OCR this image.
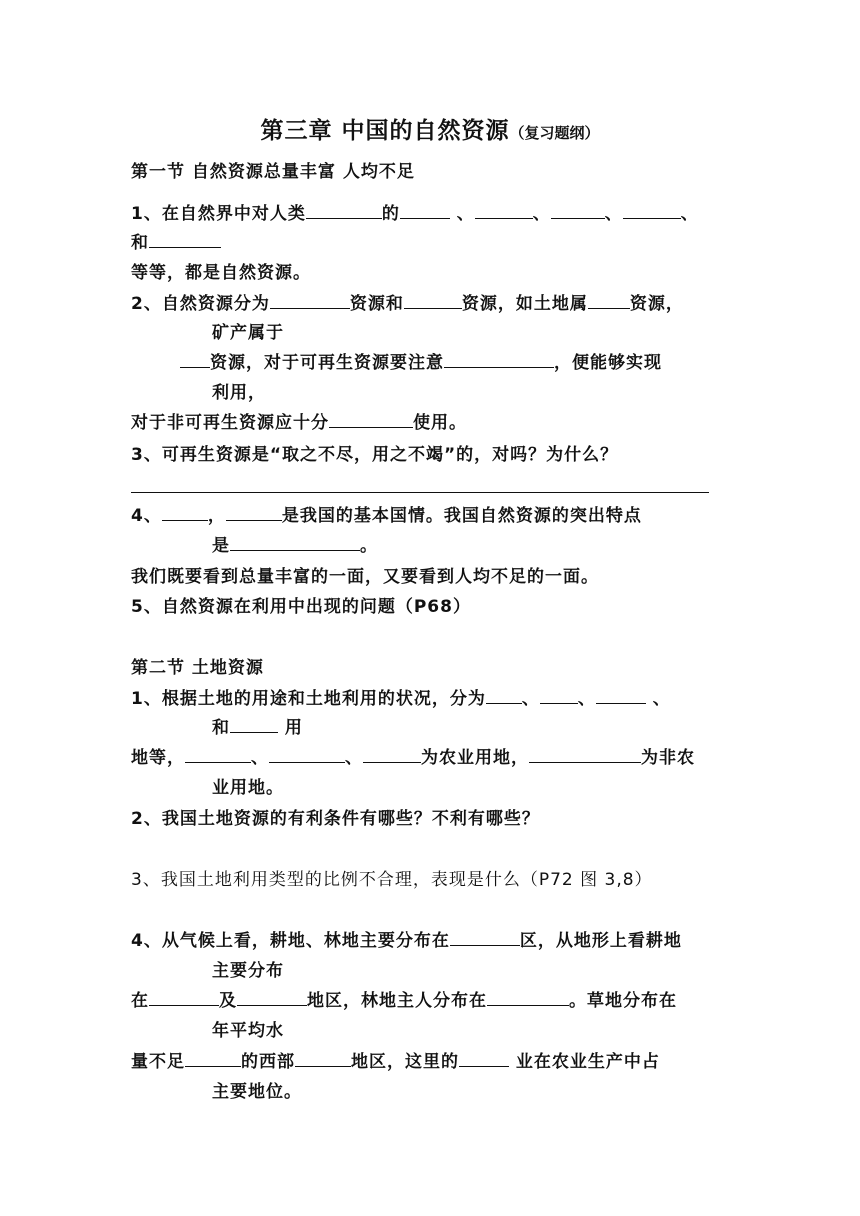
第三章 中国的自然资源（复习题纲）
第一节 自然资源总量丰富 人均不足
1、在自然界中对人类	的	、	、	、	、
和
等等，都是自然资源。
2、自然资源分为	资源和	资源，如土地属 资源，
矿产属于
资源，对于可再生资源要注意	，便能够实现
利用，
对于非可再生资源应十分	使用。
3、可再生资源是“取之不尽，用之不竭”的，对吗？为什么？
4、	，	是我国的基本国情。我国自然资源的突出特点
是	。
我们既要看到总量丰富的一面，又要看到人均不足的一面。
5、自然资源在利用中出现的问题（P68）
第二节 土地资源
1、根据土地的用途和土地利用的状况，分为 、 、	、
和	用
地等，	、	、	为农业用地，	为非农
业用地。
2、我国土地资源的有利条件有哪些？不利有哪些？
3、我国土地利用类型的比例不合理，表现是什么（P72 图 3,8）
4、从气候上看，耕地、林地主要分布在	区，从地形上看耕地
主要分布
在	及	地区，林地主人分布在	。草地分布在
年平均水
量不足	的西部	地区，这里的	业在农业生产中占
主要地位。
